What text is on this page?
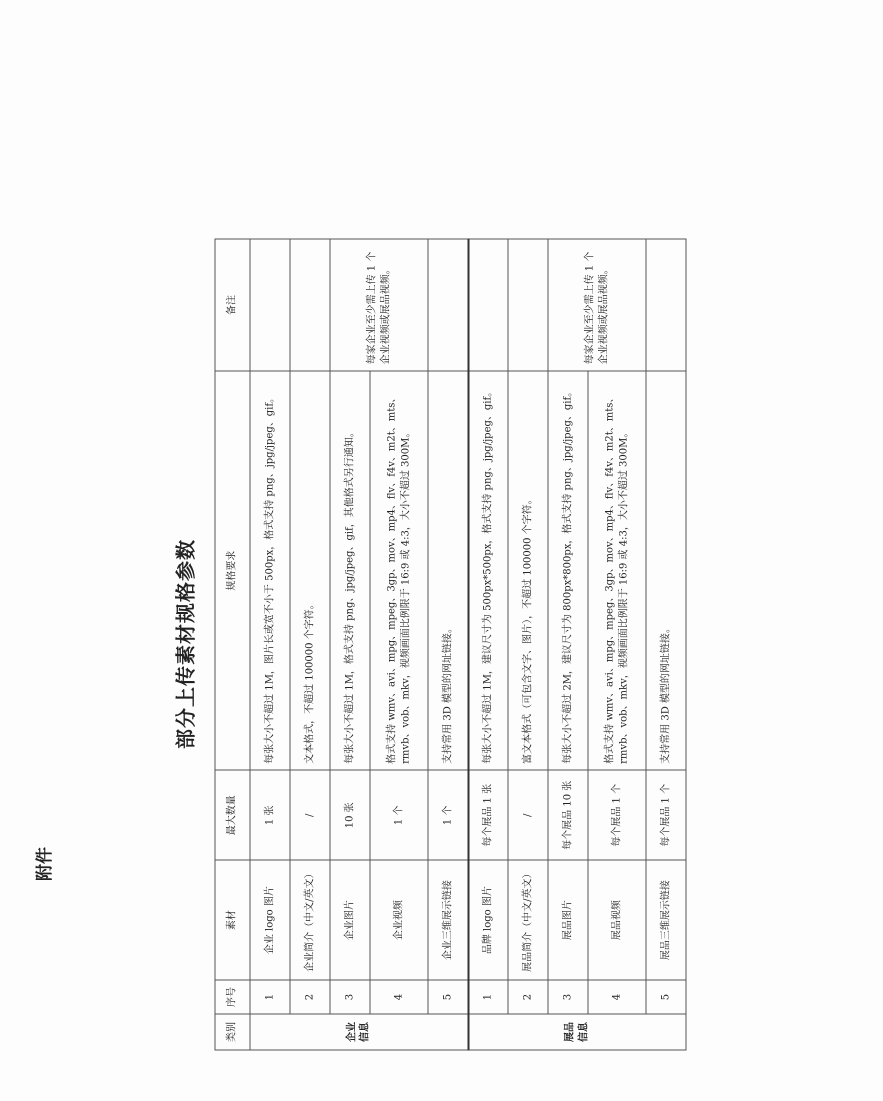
附件
部分上传素材规格参数
类别	序号	素材	最大数量	规格要求	备注
企业信息	1	企业 logo 图片	1 张	每张大小不超过 1M，图片长或宽不小于 500px，格式支持 png、jpg/jpeg、gif。	
	2	企业简介（中文/英文）	/	文本格式，不超过 100000 个字符。	
	3	企业图片	10 张	每张大小不超过 1M，格式支持 png、jpg/jpeg、gif，其他格式另行通知。	每家企业至少需上传 1 个企业视频或展品视频。
	4	企业视频	1 个	格式支持 wmv、avi、mpg、mpeg、3gp、mov、mp4、flv、f4v、m2t、mts、rmvb、vob、mkv，视频画面比例限于 16:9 或 4:3，大小不超过 300M。	
	5	企业三维展示链接	1 个	支持常用 3D 模型的网址链接。	
展品信息	1	品牌 logo 图片	每个展品 1 张	每张大小不超过 1M，建议尺寸为 500px*500px，格式支持 png、jpg/jpeg、gif。	
	2	展品简介（中文/英文）	/	富文本格式（可包含文字、图片），不超过 100000 个字符。	
	3	展品图片	每个展品 10 张	每张大小不超过 2M，建议尺寸为 800px*800px，格式支持 png、jpg/jpeg、gif。	每家企业至少需上传 1 个企业视频或展品视频。
	4	展品视频	每个展品 1 个	格式支持 wmv、avi、mpg、mpeg、3gp、mov、mp4、flv、f4v、m2t、mts、rmvb、vob、mkv，视频画面比例限于 16:9 或 4:3，大小不超过 300M。	
	5	展品三维展示链接	每个展品 1 个	支持常用 3D 模型的网址链接。	
